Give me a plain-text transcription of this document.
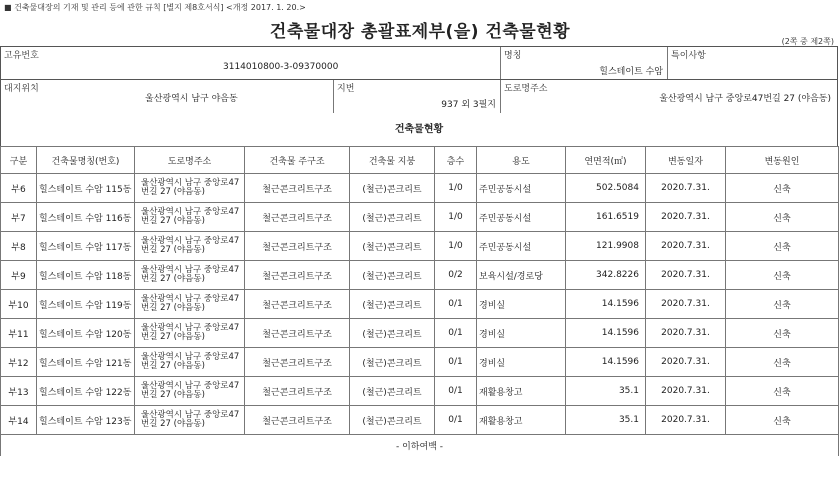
■ 건축물대장의 기재 및 관리 등에 관한 규칙 [별지 제8호서식] <개정 2017. 1. 20.>
건축물대장 총괄표제부(을) 건축물현황	(2쪽 중 제2쪽)
고유번호
3114010800-3-09370000
명칭
힐스테이트 수암
특이사항
대지위치
울산광역시 남구 야음동
지번
937 외 3필지
도로명주소
울산광역시 남구 중앙로47번길 27 (야음동)
건축물현황
구분	건축물명칭(번호)	도로명주소	건축물 주구조	건축물 지붕	층수	용도	연면적(㎡)	변동일자	변동원인
부6	힐스테이트 수암 115동	울산광역시 남구 중앙로47번길 27 (야음동)	철근콘크리트구조	(철근)콘크리트	1/0	주민공동시설	502.5084	2020.7.31.	신축
부7	힐스테이트 수암 116동	울산광역시 남구 중앙로47번길 27 (야음동)	철근콘크리트구조	(철근)콘크리트	1/0	주민공동시설	161.6519	2020.7.31.	신축
부8	힐스테이트 수암 117동	울산광역시 남구 중앙로47번길 27 (야음동)	철근콘크리트구조	(철근)콘크리트	1/0	주민공동시설	121.9908	2020.7.31.	신축
부9	힐스테이트 수암 118동	울산광역시 남구 중앙로47번길 27 (야음동)	철근콘크리트구조	(철근)콘크리트	0/2	보육시설/경로당	342.8226	2020.7.31.	신축
부10	힐스테이트 수암 119동	울산광역시 남구 중앙로47번길 27 (야음동)	철근콘크리트구조	(철근)콘크리트	0/1	경비실	14.1596	2020.7.31.	신축
부11	힐스테이트 수암 120동	울산광역시 남구 중앙로47번길 27 (야음동)	철근콘크리트구조	(철근)콘크리트	0/1	경비실	14.1596	2020.7.31.	신축
부12	힐스테이트 수암 121동	울산광역시 남구 중앙로47번길 27 (야음동)	철근콘크리트구조	(철근)콘크리트	0/1	경비실	14.1596	2020.7.31.	신축
부13	힐스테이트 수암 122동	울산광역시 남구 중앙로47번길 27 (야음동)	철근콘크리트구조	(철근)콘크리트	0/1	재활용창고	35.1	2020.7.31.	신축
부14	힐스테이트 수암 123동	울산광역시 남구 중앙로47번길 27 (야음동)	철근콘크리트구조	(철근)콘크리트	0/1	재활용창고	35.1	2020.7.31.	신축
- 이하여백 -									
